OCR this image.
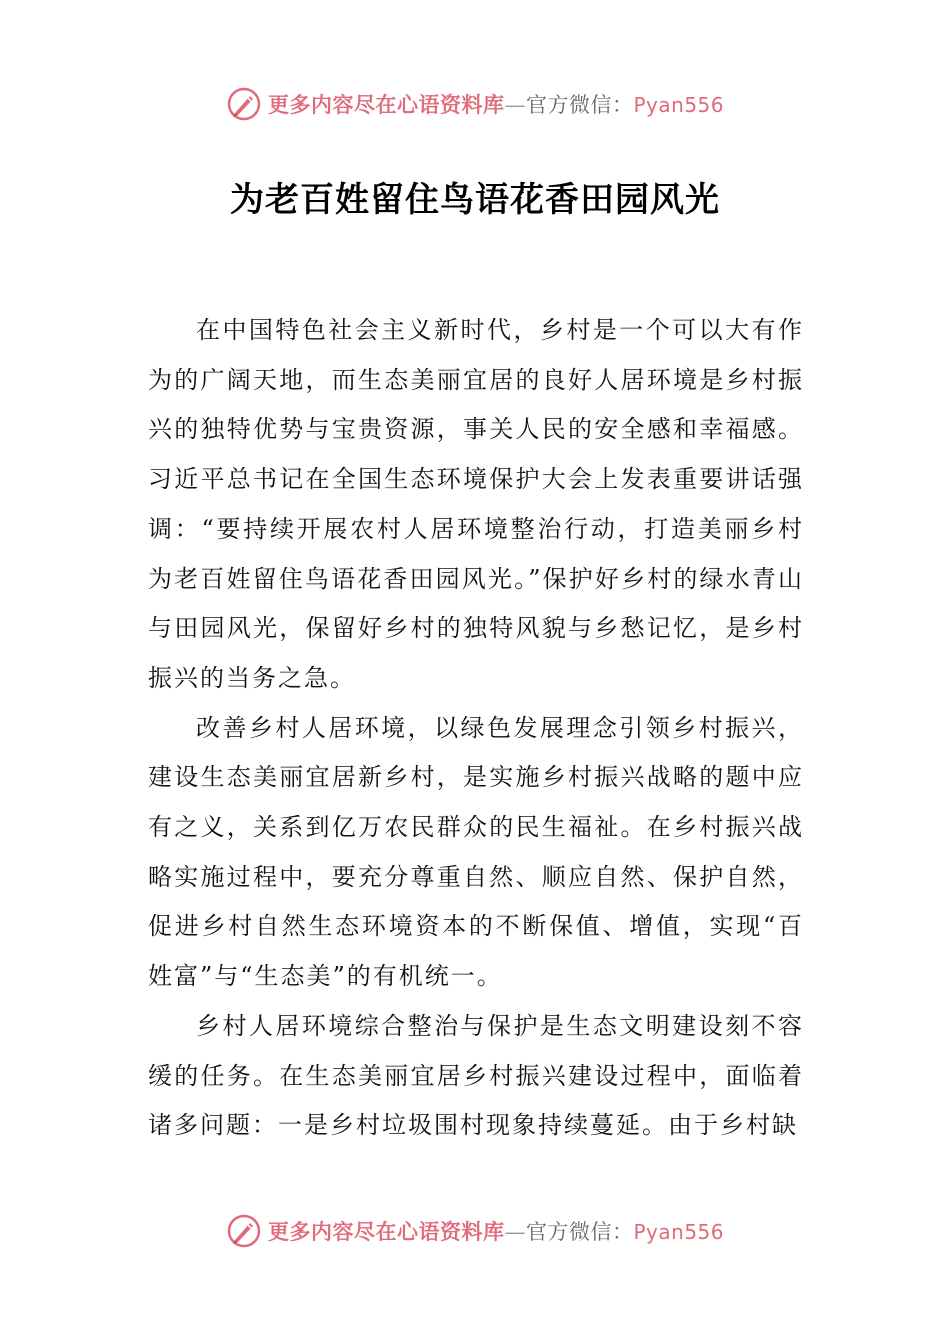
更多内容尽在心语资料库—官方微信：Pyan556
为老百姓留住鸟语花香田园风光

在中国特色社会主义新时代，乡村是一个可以大有作为的广阔天地，而生态美丽宜居的良好人居环境是乡村振兴的独特优势与宝贵资源，事关人民的安全感和幸福感。习近平总书记在全国生态环境保护大会上发表重要讲话强调：“要持续开展农村人居环境整治行动，打造美丽乡村为老百姓留住鸟语花香田园风光。”保护好乡村的绿水青山与田园风光，保留好乡村的独特风貌与乡愁记忆，是乡村振兴的当务之急。

改善乡村人居环境，以绿色发展理念引领乡村振兴，建设生态美丽宜居新乡村，是实施乡村振兴战略的题中应有之义，关系到亿万农民群众的民生福祉。在乡村振兴战略实施过程中，要充分尊重自然、顺应自然、保护自然，促进乡村自然生态环境资本的不断保值、增值，实现“百姓富”与“生态美”的有机统一。

乡村人居环境综合整治与保护是生态文明建设刻不容缓的任务。在生态美丽宜居乡村振兴建设过程中，面临着诸多问题：一是乡村垃圾围村现象持续蔓延。由于乡村缺

更多内容尽在心语资料库—官方微信：Pyan556
